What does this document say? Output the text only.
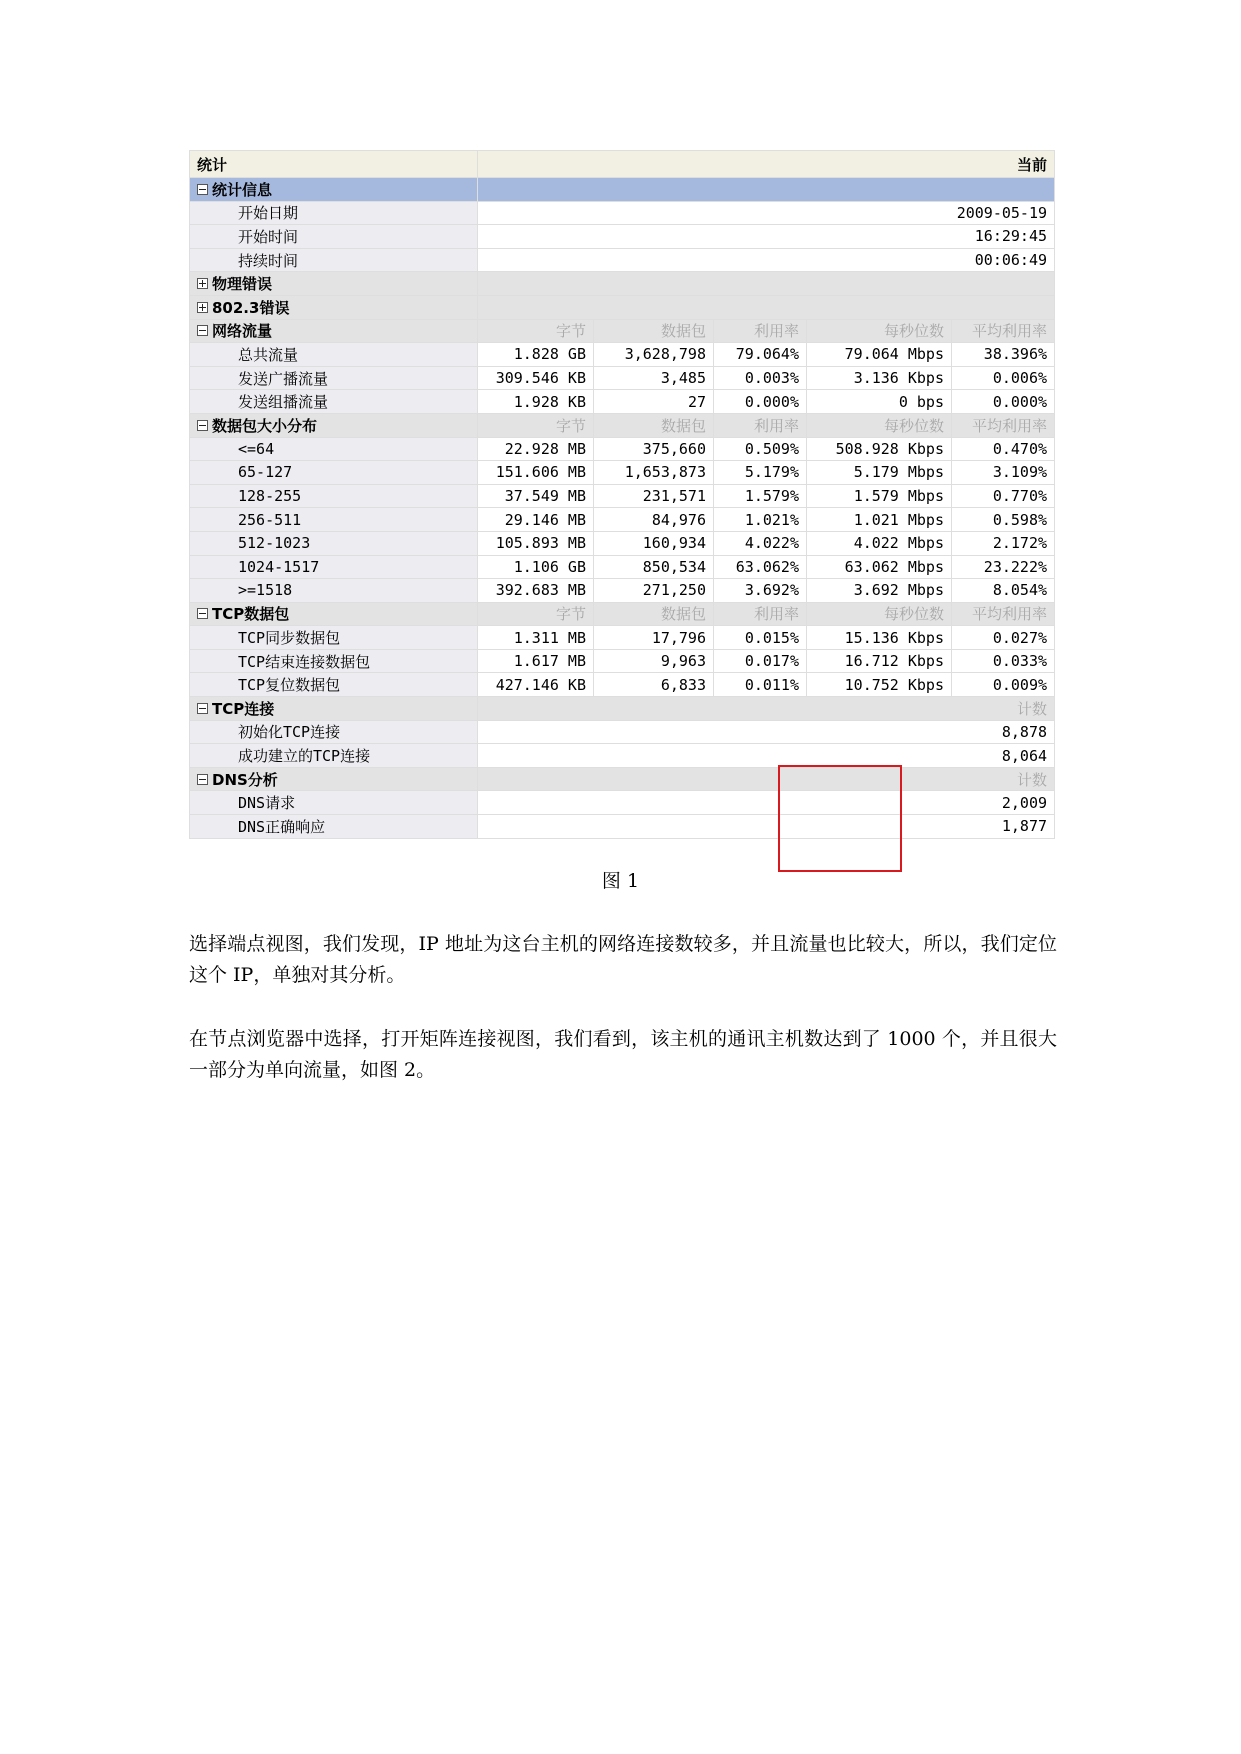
统计	当前				
统计信息					
开始日期	2009-05-19				
开始时间	16:29:45				
持续时间	00:06:49				
物理错误					
802.3错误					
网络流量	字节	数据包	利用率	每秒位数	平均利用率
总共流量	1.828 GB	3,628,798	79.064%	79.064 Mbps	38.396%
发送广播流量	309.546 KB	3,485	0.003%	3.136 Kbps	0.006%
发送组播流量	1.928 KB	27	0.000%	0 bps	0.000%
数据包大小分布	字节	数据包	利用率	每秒位数	平均利用率
<=64	22.928 MB	375,660	0.509%	508.928 Kbps	0.470%
65-127	151.606 MB	1,653,873	5.179%	5.179 Mbps	3.109%
128-255	37.549 MB	231,571	1.579%	1.579 Mbps	0.770%
256-511	29.146 MB	84,976	1.021%	1.021 Mbps	0.598%
512-1023	105.893 MB	160,934	4.022%	4.022 Mbps	2.172%
1024-1517	1.106 GB	850,534	63.062%	63.062 Mbps	23.222%
>=1518	392.683 MB	271,250	3.692%	3.692 Mbps	8.054%
TCP数据包	字节	数据包	利用率	每秒位数	平均利用率
TCP同步数据包	1.311 MB	17,796	0.015%	15.136 Kbps	0.027%
TCP结束连接数据包	1.617 MB	9,963	0.017%	16.712 Kbps	0.033%
TCP复位数据包	427.146 KB	6,833	0.011%	10.752 Kbps	0.009%
TCP连接	计数				
初始化TCP连接	8,878				
成功建立的TCP连接	8,064				
DNS分析	计数				
DNS请求	2,009				
DNS正确响应	1,877				
图 1

选择端点视图，我们发现，IP 地址为这台主机的网络连接数较多，并且流量也比较大，所以，我们定位这个 IP，单独对其分析。

在节点浏览器中选择，打开矩阵连接视图，我们看到，该主机的通讯主机数达到了 1000 个，并且很大一部分为单向流量，如图 2。
